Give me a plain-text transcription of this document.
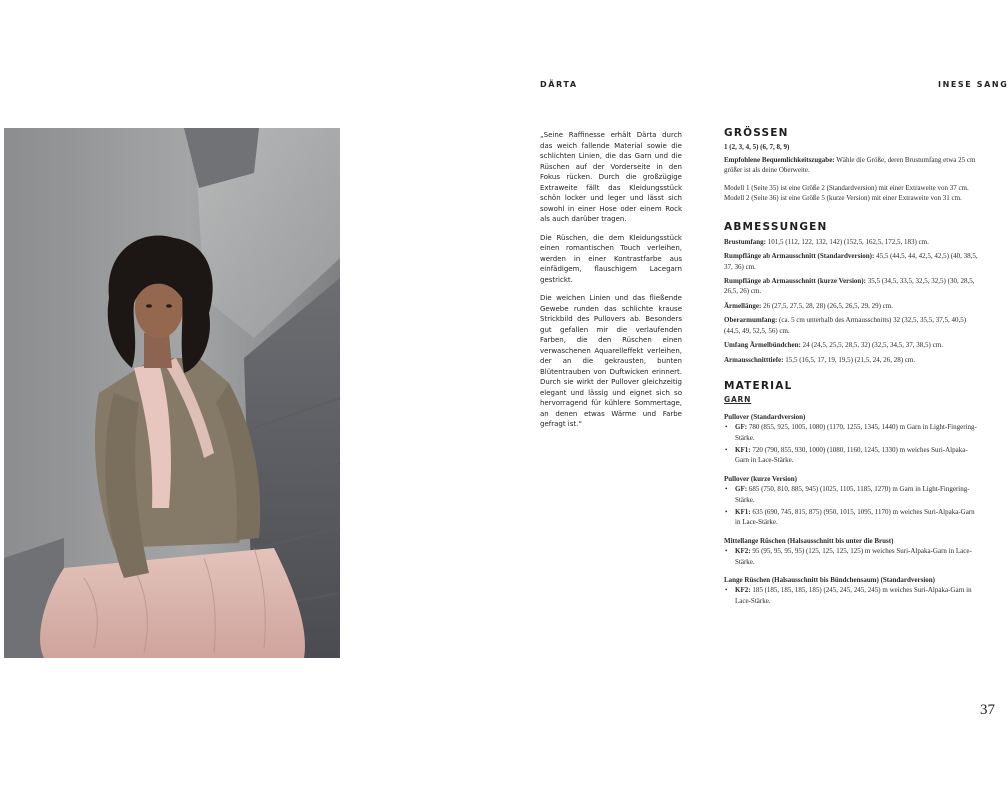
DÄRTA	INESE SANG

„Seine Raffinesse erhält Därta durch das weich fallende Material sowie die schlichten Linien, die das Garn und die Rüschen auf der Vorderseite in den Fokus rücken. Durch die großzügige Extraweite fällt das Kleidungsstück schön locker und leger und lässt sich sowohl in einer Hose oder einem Rock als auch darüber tragen.

Die Rüschen, die dem Kleidungsstück einen romantischen Touch verleihen, werden in einer Kontrastfarbe aus einfädigem, flauschigem Lacegarn gestrickt.

Die weichen Linien und das fließende Gewebe runden das schlichte krause Strickbild des Pullovers ab. Besonders gut gefallen mir die verlaufenden Farben, die den Rüschen einen verwaschenen Aquarelleffekt verleihen, der an die gekrausten, bunten Blütentrauben von Duftwicken erinnert. Durch sie wirkt der Pullover gleichzeitig elegant und lässig und eignet sich so hervorragend für kühlere Sommertage, an denen etwas Wärme und Farbe gefragt ist.“

GRÖSSEN
1 (2, 3, 4, 5) (6, 7, 8, 9)
Empfohlene Bequemlichkeitszugabe: Wähle die Größe, deren Brustumfang etwa 25 cm größer ist als deine Oberweite.
Modell 1 (Seite 35) ist eine Größe 2 (Standardversion) mit einer Extraweite von 37 cm. Modell 2 (Seite 36) ist eine Größe 5 (kurze Version) mit einer Extraweite von 31 cm.
ABMESSUNGEN
Brustumfang: 101,5 (112, 122, 132, 142) (152,5, 162,5, 172,5, 183) cm.
Rumpflänge ab Armausschnitt (Standardversion): 45,5 (44,5, 44, 42,5, 42,5) (40, 38,5, 37, 36) cm.
Rumpflänge ab Armausschnitt (kurze Version): 35,5 (34,5, 33,5, 32,5, 32,5) (30, 28,5, 26,5, 26) cm.
Ärmellänge: 26 (27,5, 27,5, 28, 28) (26,5, 26,5, 29, 29) cm.
Oberarmumfang: (ca. 5 cm unterhalb des Armausschnitts) 32 (32,5, 35,5, 37,5, 40,5) (44,5, 49, 52,5, 56) cm.
Umfang Ärmelbündchen: 24 (24,5, 25,5, 28,5, 32) (32,5, 34,5, 37, 38,5) cm.
Armausschnitttiefe: 15,5 (16,5, 17, 19, 19,5) (21,5, 24, 26, 28) cm.
MATERIAL
GARN
Pullover (Standardversion)
• GF: 780 (855, 925, 1005, 1080) (1170, 1255, 1345, 1440) m Garn in Light-Fingering-Stärke.
• KF1: 720 (790, 855, 930, 1000) (1080, 1160, 1245, 1330) m weiches Suri-Alpaka-Garn in Lace-Stärke.
Pullover (kurze Version)
• GF: 685 (750, 810, 885, 945) (1025, 1105, 1185, 1270) m Garn in Light-Fingering-Stärke.
• KF1: 635 (690, 745, 815, 875) (950, 1015, 1095, 1170) m weiches Suri-Alpaka-Garn in Lace-Stärke.
Mittellange Rüschen (Halsausschnitt bis unter die Brust)
• KF2: 95 (95, 95, 95, 95) (125, 125, 125, 125) m weiches Suri-Alpaka-Garn in Lace-Stärke.
Lange Rüschen (Halsausschnitt bis Bündchensaum) (Standardversion)
• KF2: 185 (185, 185, 185, 185) (245, 245, 245, 245) m weiches Suri-Alpaka-Garn in Lace-Stärke.
37
